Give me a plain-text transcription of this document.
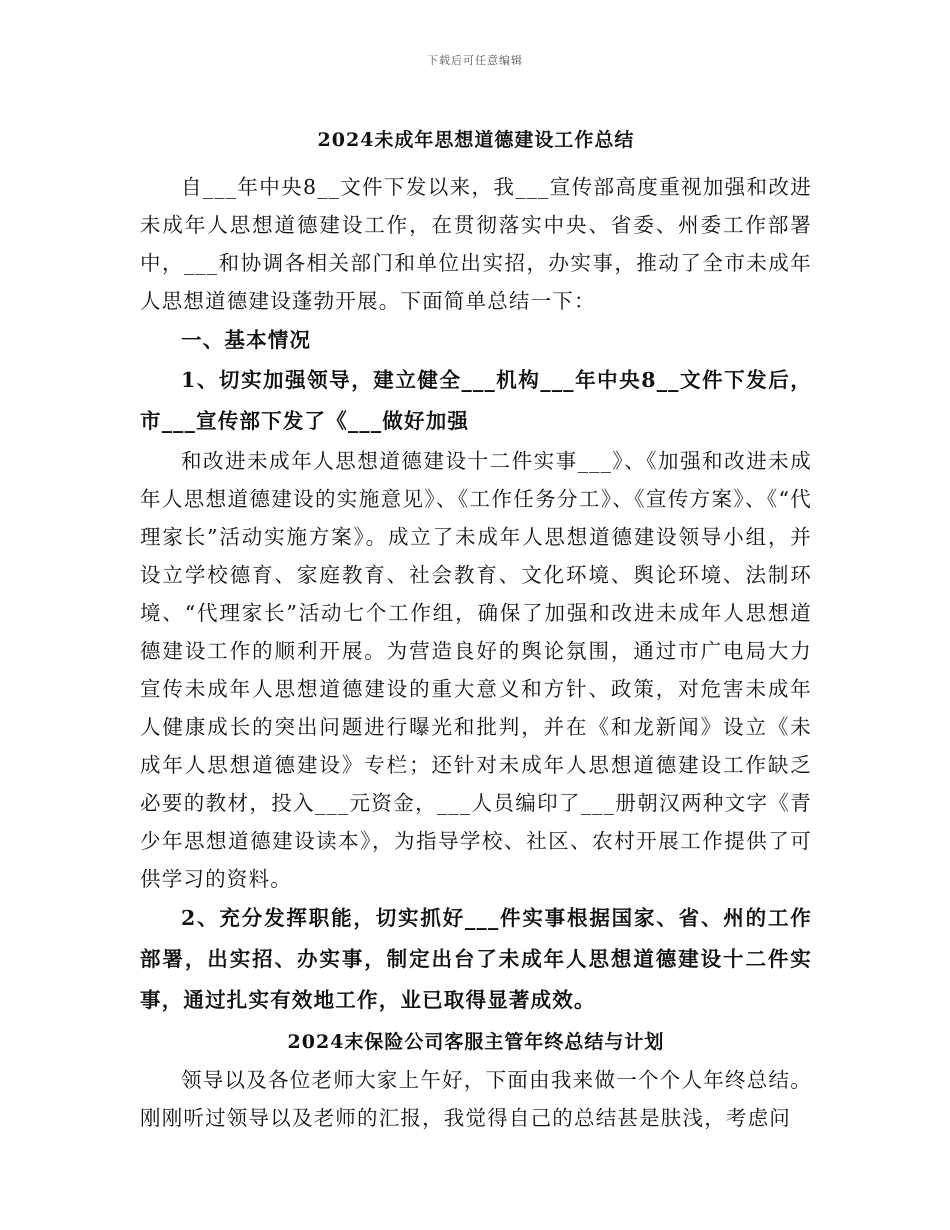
下载后可任意编辑
2024未成年思想道德建设工作总结

自___年中央8__文件下发以来，我___宣传部高度重视加强和改进未成年人思想道德建设工作，在贯彻落实中央、省委、州委工作部署中，___和协调各相关部门和单位出实招，办实事，推动了全市未成年人思想道德建设蓬勃开展。下面简单总结一下：

一、基本情况

1、切实加强领导，建立健全___机构___年中央8__文件下发后，市___宣传部下发了《___做好加强

和改进未成年人思想道德建设十二件实事___》、《加强和改进未成年人思想道德建设的实施意见》、《工作任务分工》、《宣传方案》、《“代理家长”活动实施方案》。成立了未成年人思想道德建设领导小组，并设立学校德育、家庭教育、社会教育、文化环境、舆论环境、法制环境、“代理家长”活动七个工作组，确保了加强和改进未成年人思想道德建设工作的顺利开展。为营造良好的舆论氛围，通过市广电局大力宣传未成年人思想道德建设的重大意义和方针、政策，对危害未成年人健康成长的突出问题进行曝光和批判，并在《和龙新闻》设立《未成年人思想道德建设》专栏；还针对未成年人思想道德建设工作缺乏必要的教材，投入___元资金，___人员编印了___册朝汉两种文字《青少年思想道德建设读本》，为指导学校、社区、农村开展工作提供了可供学习的资料。

2、充分发挥职能，切实抓好___件实事根据国家、省、州的工作部署，出实招、办实事，制定出台了未成年人思想道德建设十二件实事，通过扎实有效地工作，业已取得显著成效。

2024末保险公司客服主管年终总结与计划

领导以及各位老师大家上午好，下面由我来做一个个人年终总结。刚刚听过领导以及老师的汇报，我觉得自己的总结甚是肤浅，考虑问
